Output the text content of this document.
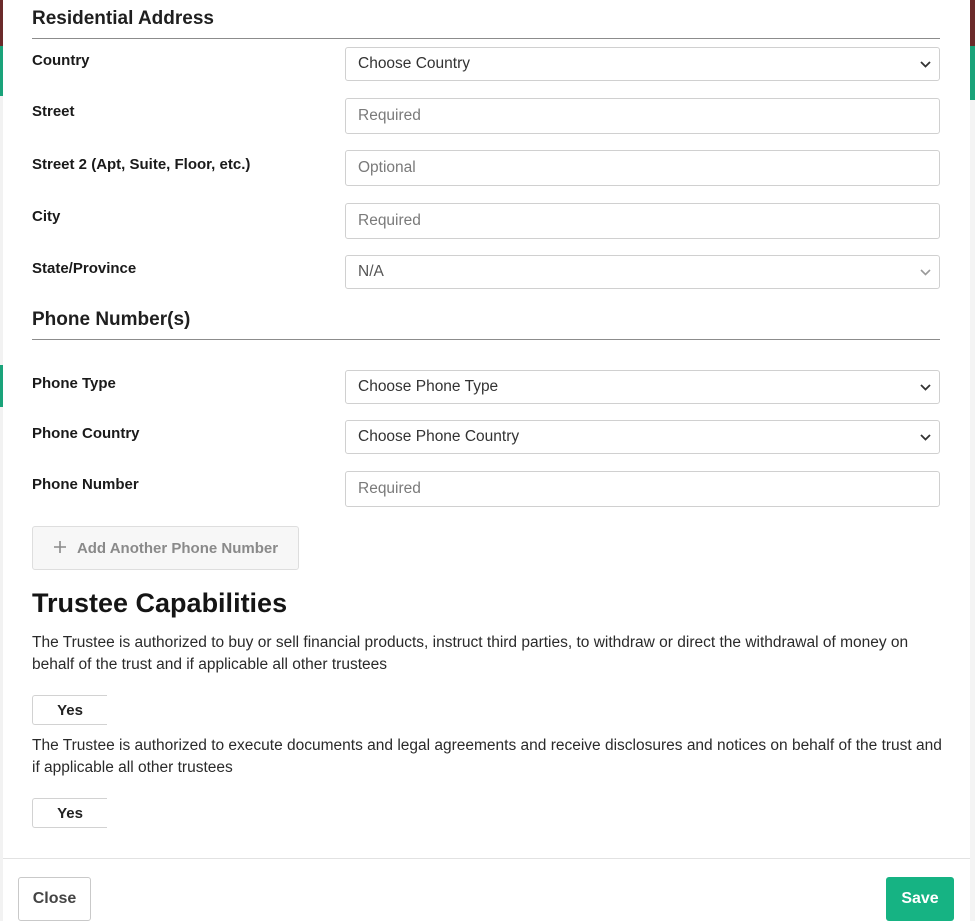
Residential Address
Country	Choose Country
Street	Required
Street 2 (Apt, Suite, Floor, etc.)	Optional
City	Required
State/Province	N/A
Phone Number(s)
Phone Type	Choose Phone Type
Phone Country	Choose Phone Country
Phone Number	Required
Add Another Phone Number
Trustee Capabilities
The Trustee is authorized to buy or sell financial products, instruct third parties, to withdraw or direct the withdrawal of money on behalf of the trust and if applicable all other trustees
Yes
The Trustee is authorized to execute documents and legal agreements and receive disclosures and notices on behalf of the trust and if applicable all other trustees
Yes
Close	Save
